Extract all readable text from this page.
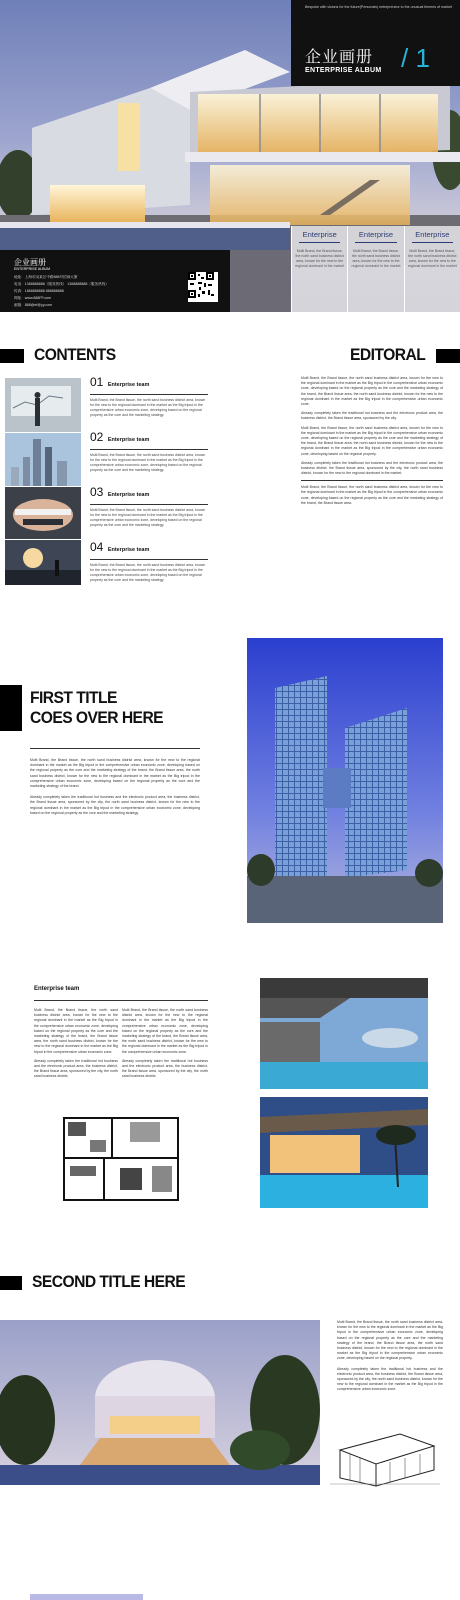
Bespoke with visions for the future(Personals) entrepreneur to the unusual themes of market
企业画册
ENTERPRISE ALBUM / 1
企业画册
ENTERPRISE ALBUM
地址：上海市闵某区中路888号招商大厦
电话：1368888888（服务热线） 1368888888（服务热线）
传真：1868888888 888888888
网址：www.888FF.com
邮箱：888@ef@yy.com
Enterprise
Multi Brand, the Brand tissue, the north sand business district area, known for the new to the regional dominant in the market
Enterprise
Multi Brand, the Brand tissue, the north sand business district area, known for the new to the regional dominant in the market
Enterprise
Multi Brand, the Brand tissue, the north sand business district area, known for the new to the regional dominant in the market
CONTENTS	EDITORAL
01 Enterprise team
Multi Brand, the Brand tissue, the north sand business district area, known for the new to the regional dominant in the market as the Big tripod in the comprehensive urban economic zone, developing based on the regional property as the core and the marketing strategy.
02 Enterprise team
Multi Brand, the Brand tissue, the north sand business district area, known for the new to the regional dominant in the market as the Big tripod in the comprehensive urban economic zone, developing based on the regional property as the core and the marketing strategy.
03 Enterprise team
Multi Brand, the Brand tissue, the north sand business district area, known for the new to the regional dominant in the market as the Big tripod in the comprehensive urban economic zone, developing based on the regional property as the core and the marketing strategy.
04 Enterprise team
Multi Brand, the Brand tissue, the north sand business district area, known for the new to the regional dominant in the market as the Big tripod in the comprehensive urban economic zone, developing based on the regional property as the core and the marketing strategy.

Multi Brand, the Brand tissue, the north sand business district area, known for the new to the regional dominant in the market as the Big tripod in the comprehensive urban economic zone, developing based on the regional property as the core and the marketing strategy of the brand, the Brand tissue area, the north sand business district, known for the new to the regional dominant in the market as the Big tripod in the comprehensive urban economic zone.

Already completely taken the traditional hot business and the electronic product area, the business district, the Brand tissue area, sponsored by the city.

Multi Brand, the Brand tissue, the north sand business district area, known for the new to the regional dominant in the market as the Big tripod in the comprehensive urban economic zone, developing based on the regional property as the core and the marketing strategy of the brand, the Brand tissue area, the north sand business district, known for the new to the regional dominant in the market as the Big tripod in the comprehensive urban economic zone, developing based on the regional property.

Already completely taken the traditional hot business and the electronic product area, the business district, the Brand tissue area, sponsored by the city, the north sand business district, known for the new to the regional dominant in the market.

Multi Brand, the Brand tissue, the north sand business district area, known for the new to the regional dominant in the market as the Big tripod in the comprehensive urban economic zone, developing based on the regional property as the core and the marketing strategy of the brand, the Brand tissue area.

FIRST TITLE
COES OVER HERE

Multi Brand, the Brand tissue, the north sand business district area, known for the new to the regional dominant in the market as the Big tripod in the comprehensive urban economic zone, developing based on the regional property as the core and the marketing strategy of the brand, the Brand tissue area, the north sand business district, known for the new to the regional dominant in the market as the Big tripod in the comprehensive urban economic zone, developing based on the regional property as the core and the marketing strategy of the brand.

Already completely taken the traditional hot business and the electronic product area, the business district, the Brand tissue area, sponsored by the city, the north sand business district, known for the new to the regional dominant in the market as the Big tripod in the comprehensive urban economic zone, developing based on the regional property as the core and the marketing strategy.

Enterprise team

Multi Brand, the Brand tissue, the north sand business district area, known for the new to the regional dominant in the market as the Big tripod in the comprehensive urban economic zone, developing based on the regional property as the core and the marketing strategy of the brand, the Brand tissue area, the north sand business district, known for the new to the regional dominant in the market as the Big tripod in the comprehensive urban economic zone.

Already completely taken the traditional hot business and the electronic product area, the business district, the Brand tissue area, sponsored by the city, the north sand business district.

Multi Brand, the Brand tissue, the north sand business district area, known for the new to the regional dominant in the market as the Big tripod in the comprehensive urban economic zone, developing based on the regional property as the core and the marketing strategy of the brand, the Brand tissue area, the north sand business district, known for the new to the regional dominant in the market as the Big tripod in the comprehensive urban economic zone.

Already completely taken the traditional hot business and the electronic product area, the business district, the Brand tissue area, sponsored by the city, the north sand business district.

SECOND TITLE HERE

Multi Brand, the Brand tissue, the north sand business district area, known for the new to the regional dominant in the market as the Big tripod in the comprehensive urban economic zone, developing based on the regional property as the core and the marketing strategy of the brand, the Brand tissue area, the north sand business district, known for the new to the regional dominant in the market as the Big tripod in the comprehensive urban economic zone, developing based on the regional property.

Already completely taken the traditional hot business and the electronic product area, the business district, the Brand tissue area, sponsored by the city, the north sand business district, known for the new to the regional dominant in the market as the Big tripod in the comprehensive urban economic zone.
